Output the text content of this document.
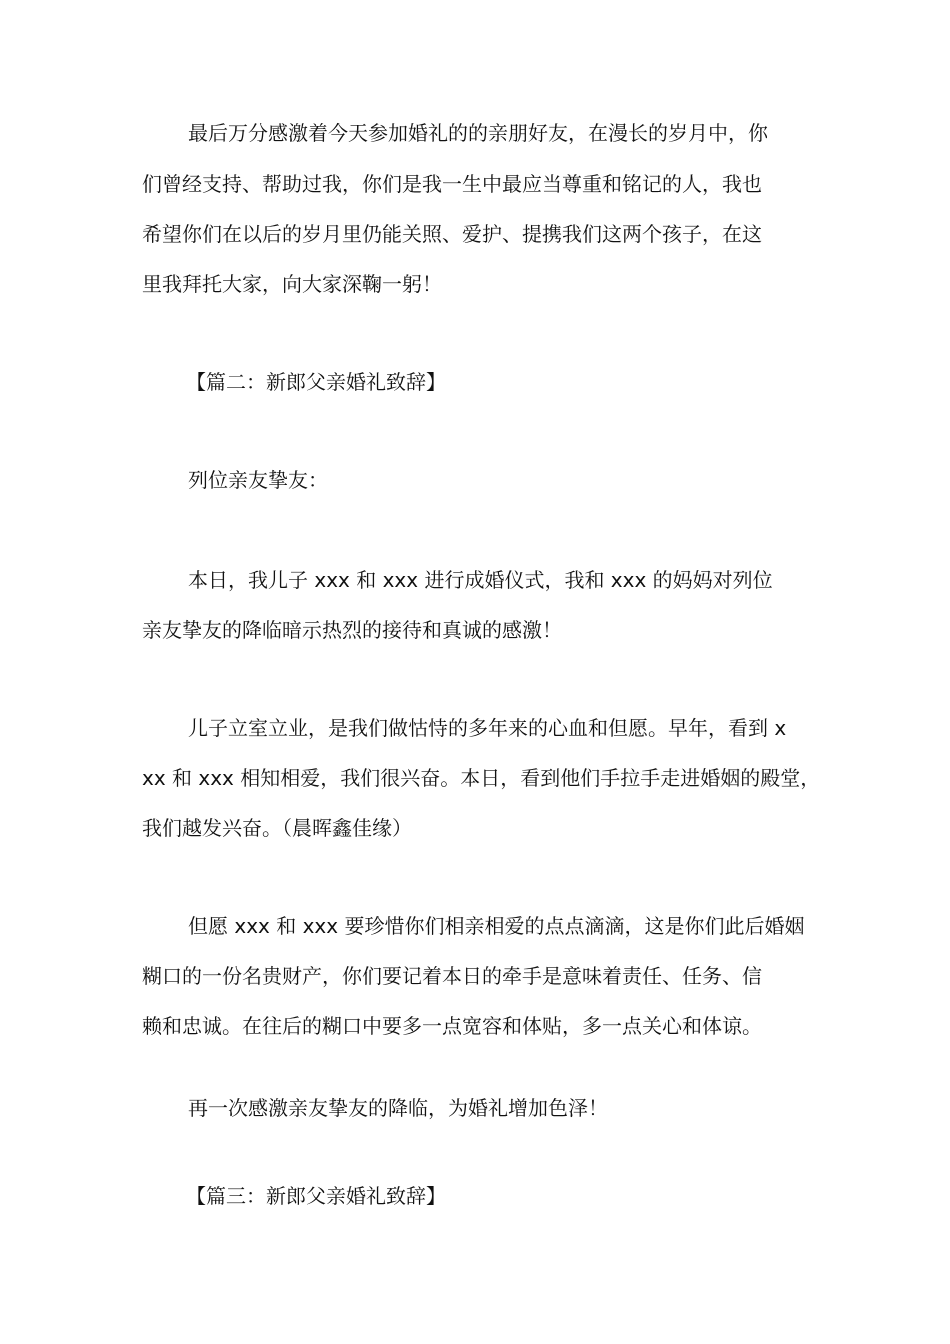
最后万分感激着今天参加婚礼的的亲朋好友，在漫长的岁月中，你

们曾经支持、帮助过我，你们是我一生中最应当尊重和铭记的人，我也

希望你们在以后的岁月里仍能关照、爱护、提携我们这两个孩子，在这

里我拜托大家，向大家深鞠一躬！

【篇二：新郎父亲婚礼致辞】

列位亲友挚友：

本日，我儿子 xxx 和 xxx 进行成婚仪式，我和 xxx 的妈妈对列位

亲友挚友的降临暗示热烈的接待和真诚的感激！

儿子立室立业，是我们做怙恃的多年来的心血和但愿。早年，看到 x

xx 和 xxx 相知相爱，我们很兴奋。本日，看到他们手拉手走进婚姻的殿堂，

我们越发兴奋。（晨晖鑫佳缘）

但愿 xxx 和 xxx 要珍惜你们相亲相爱的点点滴滴，这是你们此后婚姻

糊口的一份名贵财产，你们要记着本日的牵手是意味着责任、任务、信

赖和忠诚。在往后的糊口中要多一点宽容和体贴，多一点关心和体谅。

再一次感激亲友挚友的降临，为婚礼增加色泽！

【篇三：新郎父亲婚礼致辞】
